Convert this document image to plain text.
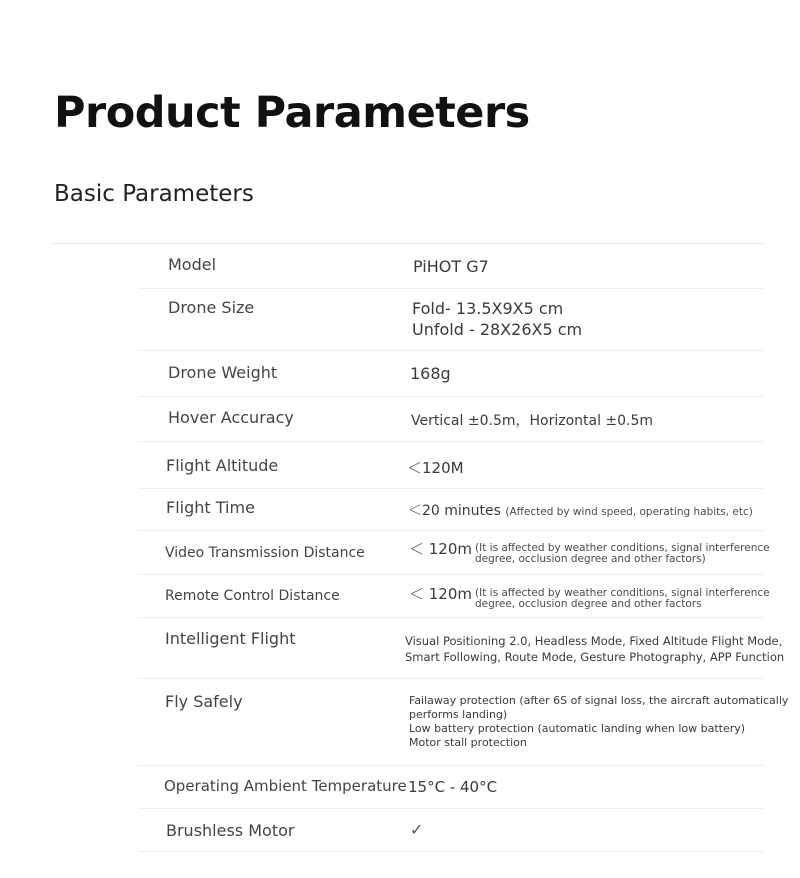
Product Parameters
Basic Parameters
Model	PiHOT G7
Drone Size	Fold- 13.5X9X5 cm
Unfold - 28X26X5 cm
Drone Weight	168g
Hover Accuracy	Vertical ±0.5m，Horizontal ±0.5m
Flight Altitude	＜120M
Flight Time	＜20 minutes (Affected by wind speed, operating habits, etc)
Video Transmission Distance	＜ 120m (It is affected by weather conditions, signal interference
degree, occlusion degree and other factors)
Remote Control Distance	＜ 120m (It is affected by weather conditions, signal interference
degree, occlusion degree and other factors
Intelligent Flight	Visual Positioning 2.0, Headless Mode, Fixed Altitude Flight Mode,
Smart Following, Route Mode, Gesture Photography, APP Function
Fly Safely	Failaway protection (after 6S of signal loss, the aircraft automatically
performs landing)
Low battery protection (automatic landing when low battery)
Motor stall protection
Operating Ambient Temperature 15°C - 40°C
Brushless Motor	✓
